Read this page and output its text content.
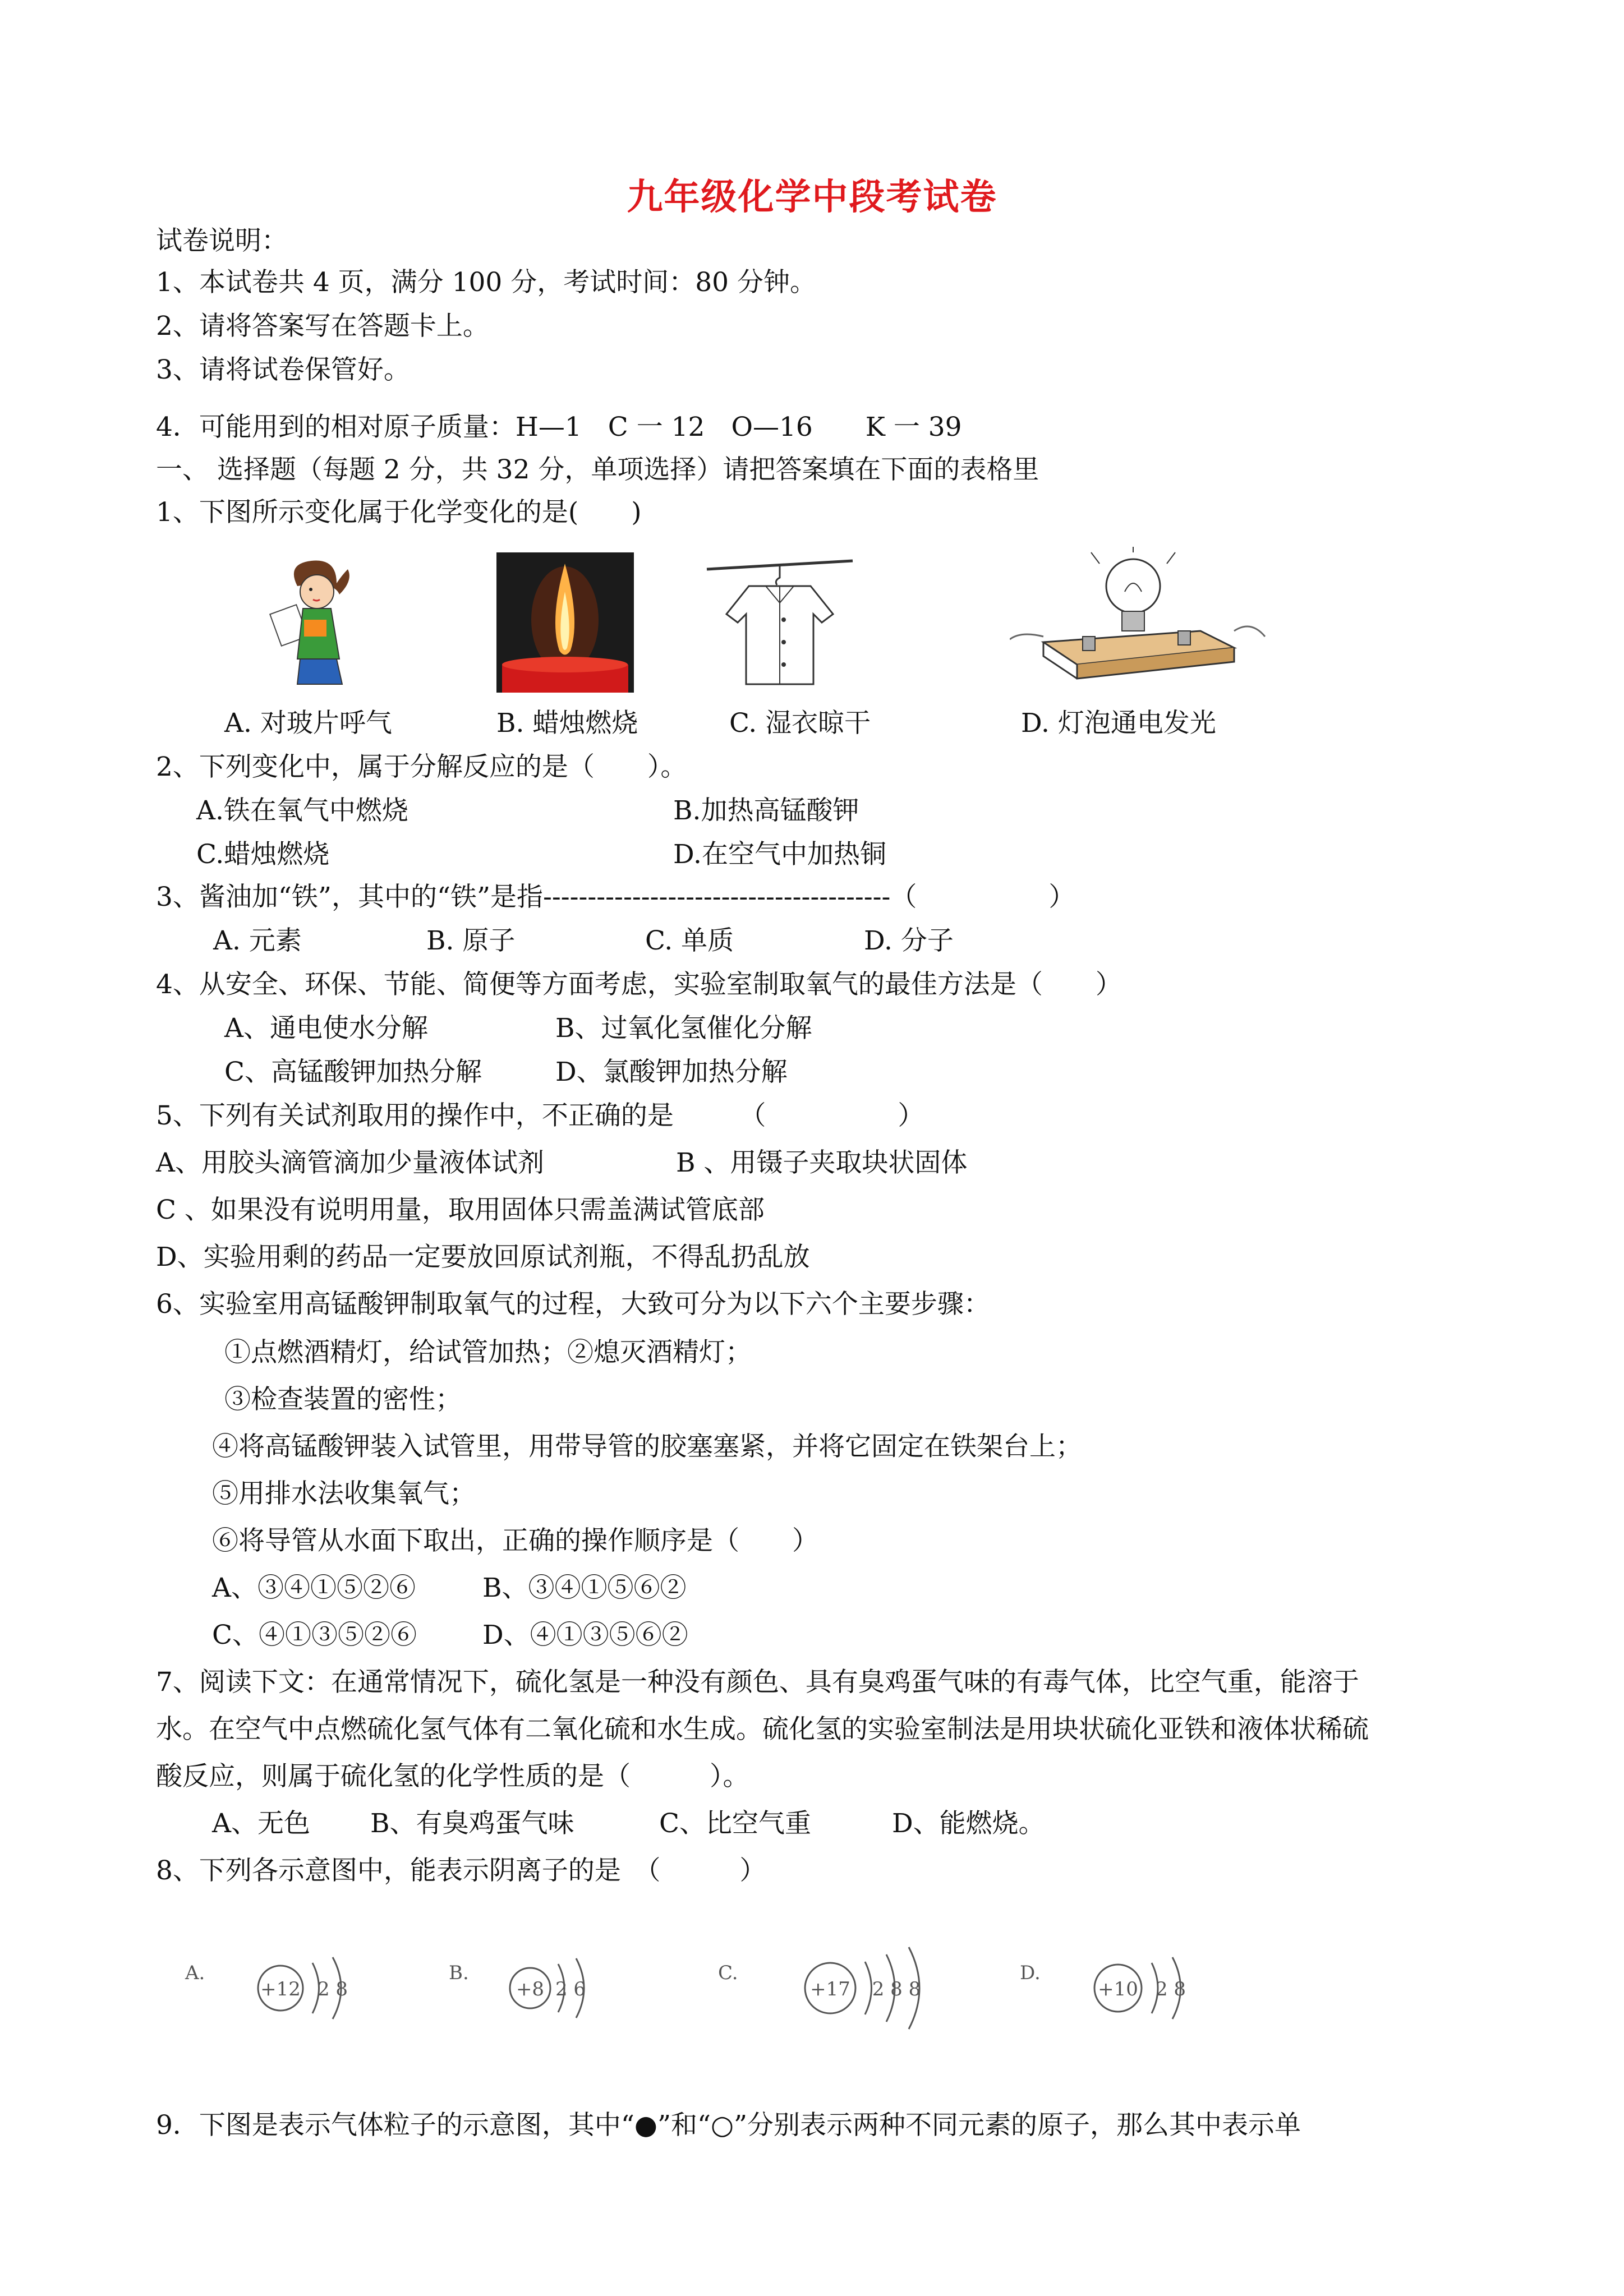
九年级化学中段考试卷
试卷说明：
1、本试卷共 4 页，满分 100 分，考试时间：80 分钟。
2、请将答案写在答题卡上。
3、请将试卷保管好。
4．可能用到的相对原子质量：H—1　C 一 12　O—16　　K 一 39
一、 选择题（每题 2 分，共 32 分，单项选择）请把答案填在下面的表格里
1、下图所示变化属于化学变化的是(　　)
A. 对玻片呼气	B. 蜡烛燃烧	C. 湿衣晾干	D. 灯泡通电发光
2、下列变化中，属于分解反应的是（　　）。
A.铁在氧气中燃烧	B.加热高锰酸钾
C.蜡烛燃烧	D.在空气中加热铜
3、酱油加“铁”，其中的“铁”是指---------------------------------------（　　　　　）
A. 元素	B. 原子	C. 单质	D. 分子
4、从安全、环保、节能、简便等方面考虑，实验室制取氧气的最佳方法是（　　）
A、通电使水分解	B、过氧化氢催化分解
C、高锰酸钾加热分解	D、氯酸钾加热分解
5、下列有关试剂取用的操作中，不正确的是　　　（　　　　　）
A、用胶头滴管滴加少量液体试剂　　　　　B 、用镊子夹取块状固体
C 、如果没有说明用量，取用固体只需盖满试管底部
D、实验用剩的药品一定要放回原试剂瓶，不得乱扔乱放
6、实验室用高锰酸钾制取氧气的过程，大致可分为以下六个主要步骤：
①点燃酒精灯，给试管加热；②熄灭酒精灯；
③检查装置的密性；
④将高锰酸钾装入试管里，用带导管的胶塞塞紧，并将它固定在铁架台上；
⑤用排水法收集氧气；
⑥将导管从水面下取出，正确的操作顺序是（　　）
A、③④①⑤②⑥	B、③④①⑤⑥②
C、④①③⑤②⑥ D、④①③⑤⑥②
7、阅读下文：在通常情况下，硫化氢是一种没有颜色、具有臭鸡蛋气味的有毒气体，比空气重，能溶于
水。在空气中点燃硫化氢气体有二氧化硫和水生成。硫化氢的实验室制法是用块状硫化亚铁和液体状稀硫
酸反应，则属于硫化氢的化学性质的是（　　　）。
A、无色 B、有臭鸡蛋气味	C、比空气重	D、能燃烧。
8、下列各示意图中，能表示阴离子的是　（　　　）
A.
+12 2 8
B.
+8 2 6
C.
+17 2 8 8
D.
+10 2 8
9．下图是表示气体粒子的示意图，其中“●”和“○”分别表示两种不同元素的原子，那么其中表示单
